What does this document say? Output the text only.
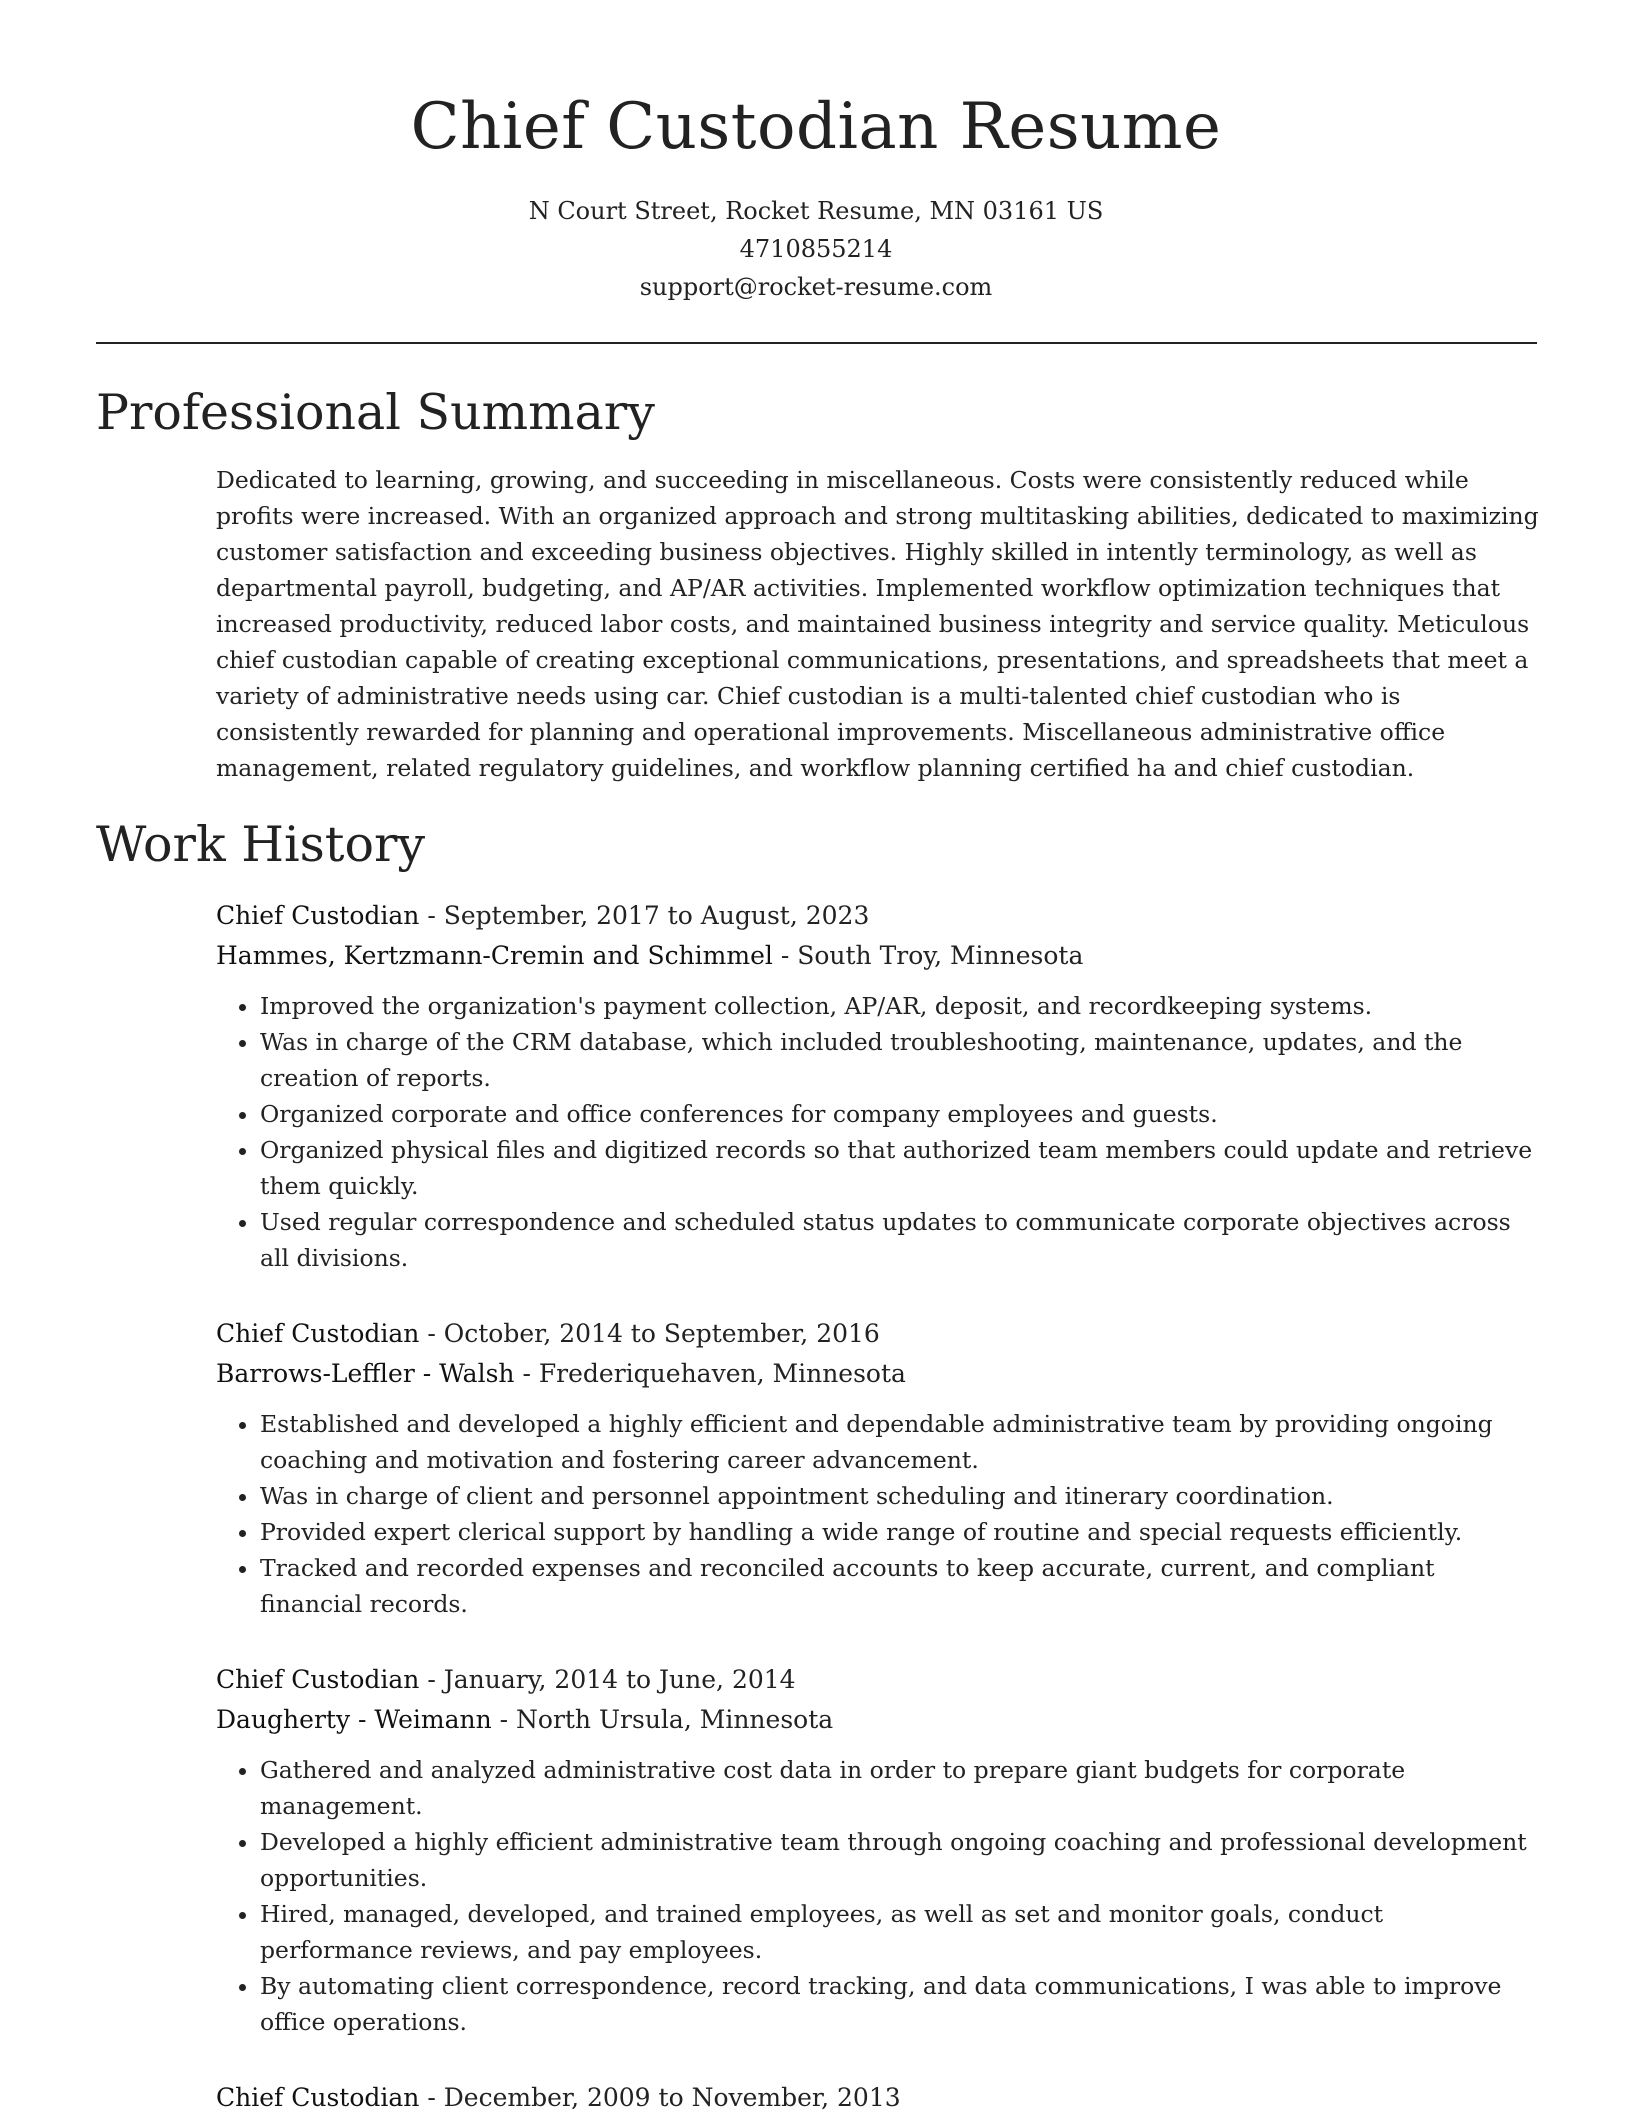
Chief Custodian Resume
N Court Street, Rocket Resume, MN 03161 US
4710855214
support@rocket-resume.com
Professional Summary

Dedicated to learning, growing, and succeeding in miscellaneous. Costs were consistently reduced while profits were increased. With an organized approach and strong multitasking abilities, dedicated to maximizing customer satisfaction and exceeding business objectives. Highly skilled in intently terminology, as well as departmental payroll, budgeting, and AP/AR activities. Implemented workflow optimization techniques that increased productivity, reduced labor costs, and maintained business integrity and service quality. Meticulous chief custodian capable of creating exceptional communications, presentations, and spreadsheets that meet a variety of administrative needs using car. Chief custodian is a multi-talented chief custodian who is consistently rewarded for planning and operational improvements. Miscellaneous administrative office management, related regulatory guidelines, and workflow planning certified ha and chief custodian.

Work History
Chief Custodian - September, 2017 to August, 2023
Hammes, Kertzmann-Cremin and Schimmel - South Troy, Minnesota
• Improved the organization's payment collection, AP/AR, deposit, and recordkeeping systems.
• Was in charge of the CRM database, which included troubleshooting, maintenance, updates, and the creation of reports.
• Organized corporate and office conferences for company employees and guests.
• Organized physical files and digitized records so that authorized team members could update and retrieve them quickly.
• Used regular correspondence and scheduled status updates to communicate corporate objectives across all divisions.
Chief Custodian - October, 2014 to September, 2016
Barrows-Leffler - Walsh - Frederiquehaven, Minnesota
• Established and developed a highly efficient and dependable administrative team by providing ongoing coaching and motivation and fostering career advancement.
• Was in charge of client and personnel appointment scheduling and itinerary coordination.
• Provided expert clerical support by handling a wide range of routine and special requests efficiently.
• Tracked and recorded expenses and reconciled accounts to keep accurate, current, and compliant financial records.
Chief Custodian - January, 2014 to June, 2014
Daugherty - Weimann - North Ursula, Minnesota
• Gathered and analyzed administrative cost data in order to prepare giant budgets for corporate management.
• Developed a highly efficient administrative team through ongoing coaching and professional development opportunities.
• Hired, managed, developed, and trained employees, as well as set and monitor goals, conduct performance reviews, and pay employees.
• By automating client correspondence, record tracking, and data communications, I was able to improve office operations.
Chief Custodian - December, 2009 to November, 2013
